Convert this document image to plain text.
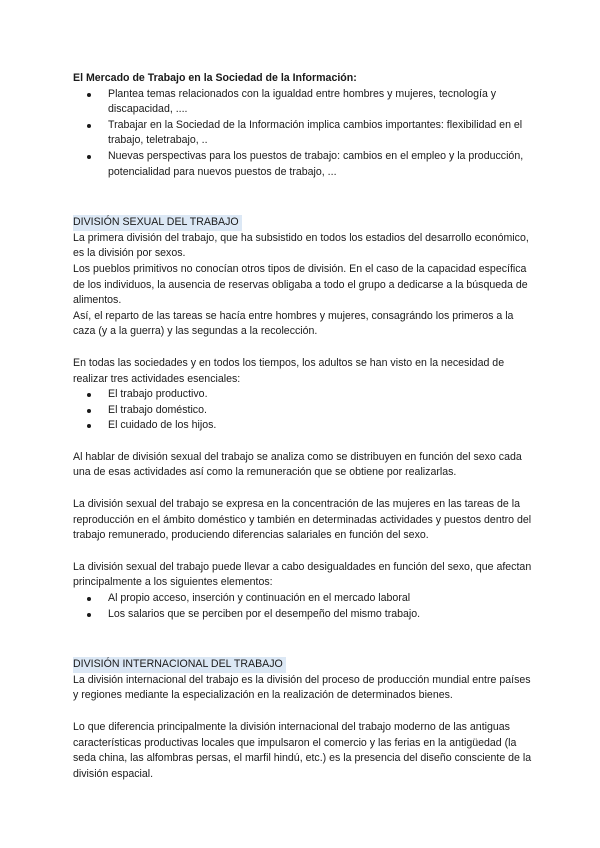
El Mercado de Trabajo en la Sociedad de la Información:

Plantea temas relacionados con la igualdad entre hombres y mujeres, tecnología y discapacidad, ....
Trabajar en la Sociedad de la Información implica cambios importantes: flexibilidad en el trabajo, teletrabajo, ..
Nuevas perspectivas para los puestos de trabajo: cambios en el empleo y la producción, potencialidad para nuevos puestos de trabajo, ...

DIVISIÓN SEXUAL DEL TRABAJO

La primera división del trabajo, que ha subsistido en todos los estadios del desarrollo económico, es la división por sexos.

Los pueblos primitivos no conocían otros tipos de división. En el caso de la capacidad específica de los individuos, la ausencia de reservas obligaba a todo el grupo a dedicarse a la búsqueda de alimentos.

Así, el reparto de las tareas se hacía entre hombres y mujeres, consagrándo los primeros a la caza (y a la guerra) y las segundas a la recolección.

En todas las sociedades y en todos los tiempos, los adultos se han visto en la necesidad de realizar tres actividades esenciales:

El trabajo productivo.
El trabajo doméstico.
El cuidado de los hijos.

Al hablar de división sexual del trabajo se analiza como se distribuyen en función del sexo cada una de esas actividades así como la remuneración que se obtiene por realizarlas.

La división sexual del trabajo se expresa en la concentración de las mujeres en las tareas de la reproducción en el ámbito doméstico y también en determinadas actividades y puestos dentro del trabajo remunerado, produciendo diferencias salariales en función del sexo.

La división sexual del trabajo puede llevar a cabo desigualdades en función del sexo, que afectan principalmente a los siguientes elementos:

Al propio acceso, inserción y continuación en el mercado laboral
Los salarios que se perciben por el desempeño del mismo trabajo.

DIVISIÓN INTERNACIONAL DEL TRABAJO

La división internacional del trabajo es la división del proceso de producción mundial entre países y regiones mediante la especialización en la realización de determinados bienes.

Lo que diferencia principalmente la división internacional del trabajo moderno de las antiguas características productivas locales que impulsaron el comercio y las ferias en la antigüedad (la seda china, las alfombras persas, el marfil hindú, etc.) es la presencia del diseño consciente de la división espacial.
